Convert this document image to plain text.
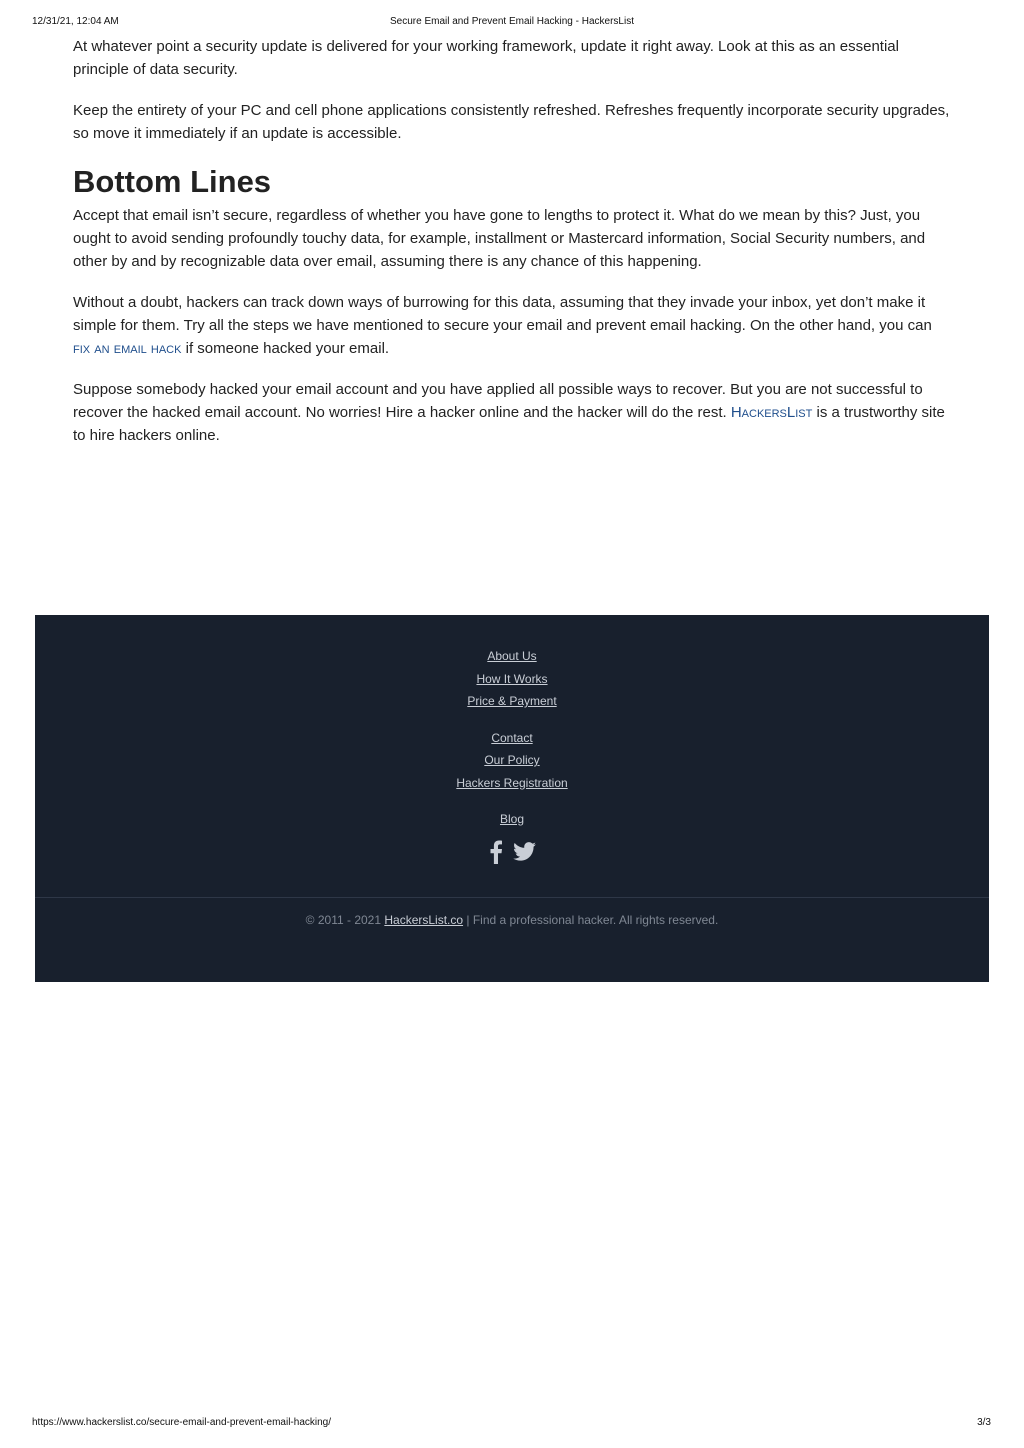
12/31/21, 12:04 AM	Secure Email and Prevent Email Hacking - HackersList

At whatever point a security update is delivered for your working framework, update it right away. Look at this as an essential principle of data security.

Keep the entirety of your PC and cell phone applications consistently refreshed. Refreshes frequently incorporate security upgrades, so move it immediately if an update is accessible.

Bottom Lines

Accept that email isn’t secure, regardless of whether you have gone to lengths to protect it. What do we mean by this? Just, you ought to avoid sending profoundly touchy data, for example, installment or Mastercard information, Social Security numbers, and other by and by recognizable data over email, assuming there is any chance of this happening.

Without a doubt, hackers can track down ways of burrowing for this data, assuming that they invade your inbox, yet don’t make it simple for them. Try all the steps we have mentioned to secure your email and prevent email hacking. On the other hand, you can fix an email hack if someone hacked your email.

Suppose somebody hacked your email account and you have applied all possible ways to recover. But you are not successful to recover the hacked email account. No worries! Hire a hacker online and the hacker will do the rest. HackersList is a trustworthy site to hire hackers online.

About Us
How It Works
Price & Payment
Contact
Our Policy
Hackers Registration
Blog
© 2011 - 2021 HackersList.co | Find a professional hacker. All rights reserved.
https://www.hackerslist.co/secure-email-and-prevent-email-hacking/	3/3
